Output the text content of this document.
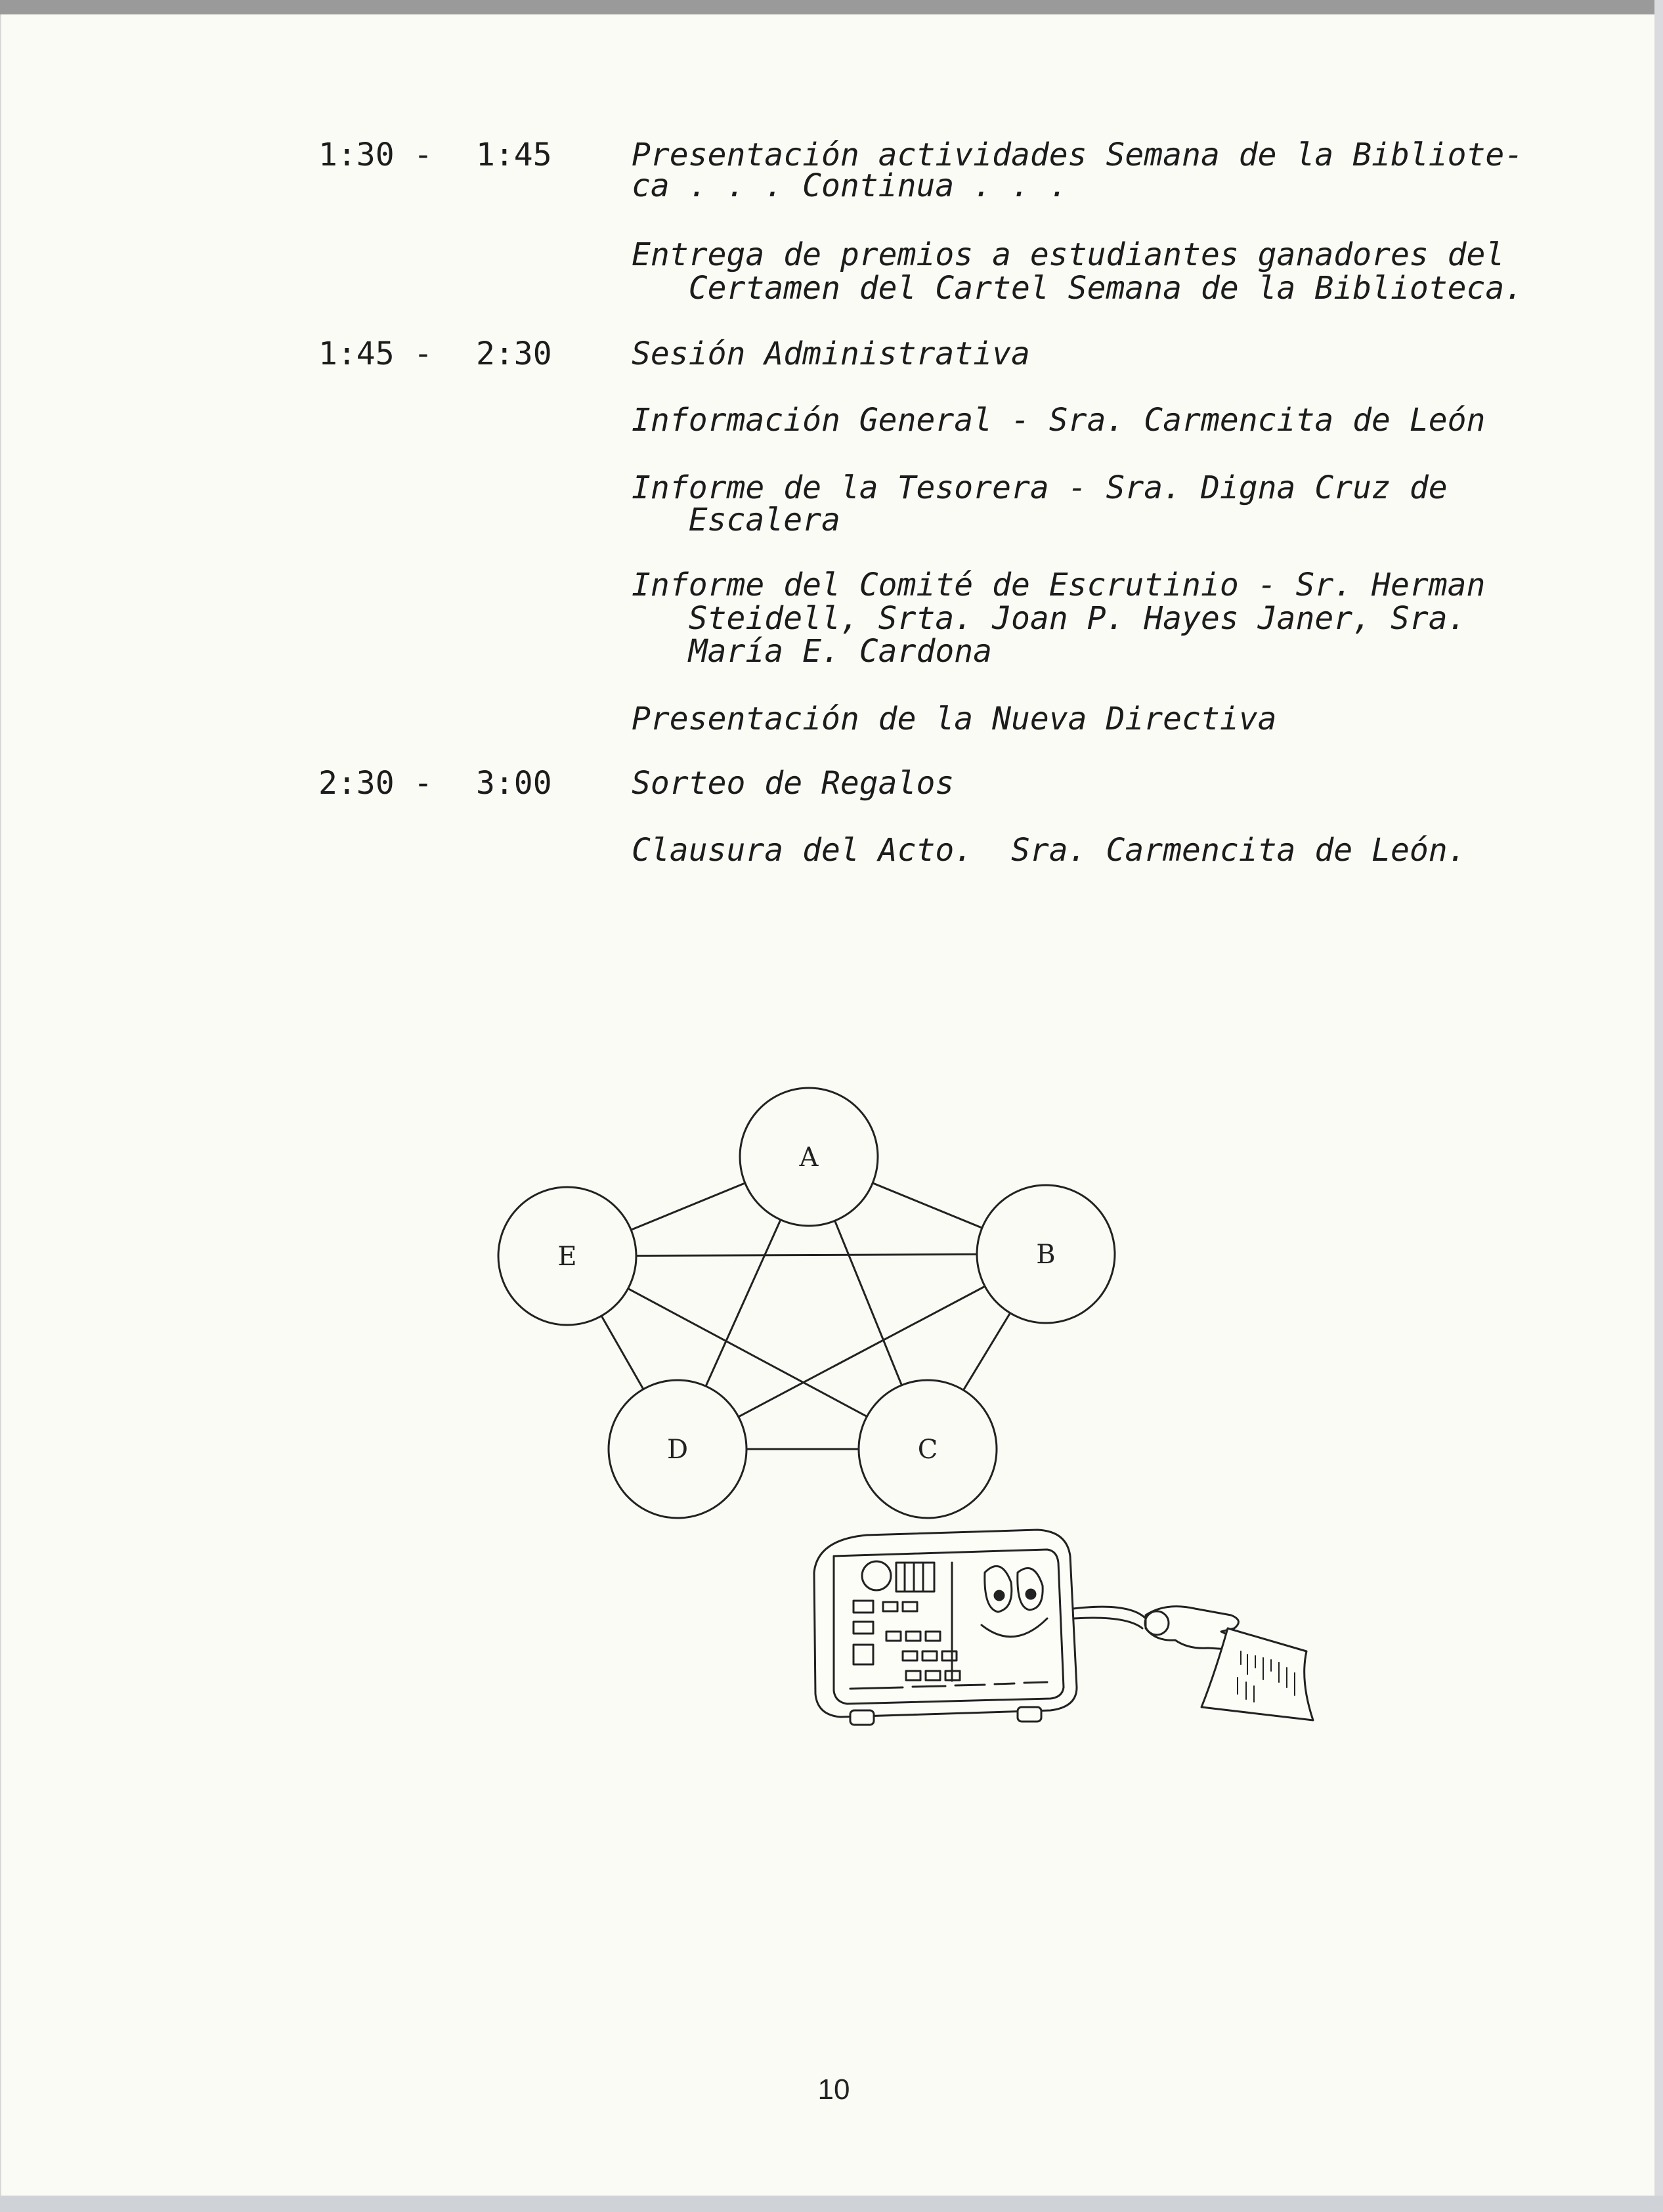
1:30 - 1:45	Presentación actividades Semana de la Bibliote-
ca . . . Continua . . .
Entrega de premios a estudiantes ganadores del
Certamen del Cartel Semana de la Biblioteca.
1:45 - 2:30	Sesión Administrativa
Información General - Sra. Carmencita de León
Informe de la Tesorera - Sra. Digna Cruz de
Escalera
Informe del Comité de Escrutinio - Sr. Herman
Steidell, Srta. Joan P. Hayes Janer, Sra.
María E. Cardona
Presentación de la Nueva Directiva
2:30 - 3:00	Sorteo de Regalos
Clausura del Acto.  Sra. Carmencita de León.
A
B
C
D
E
10
